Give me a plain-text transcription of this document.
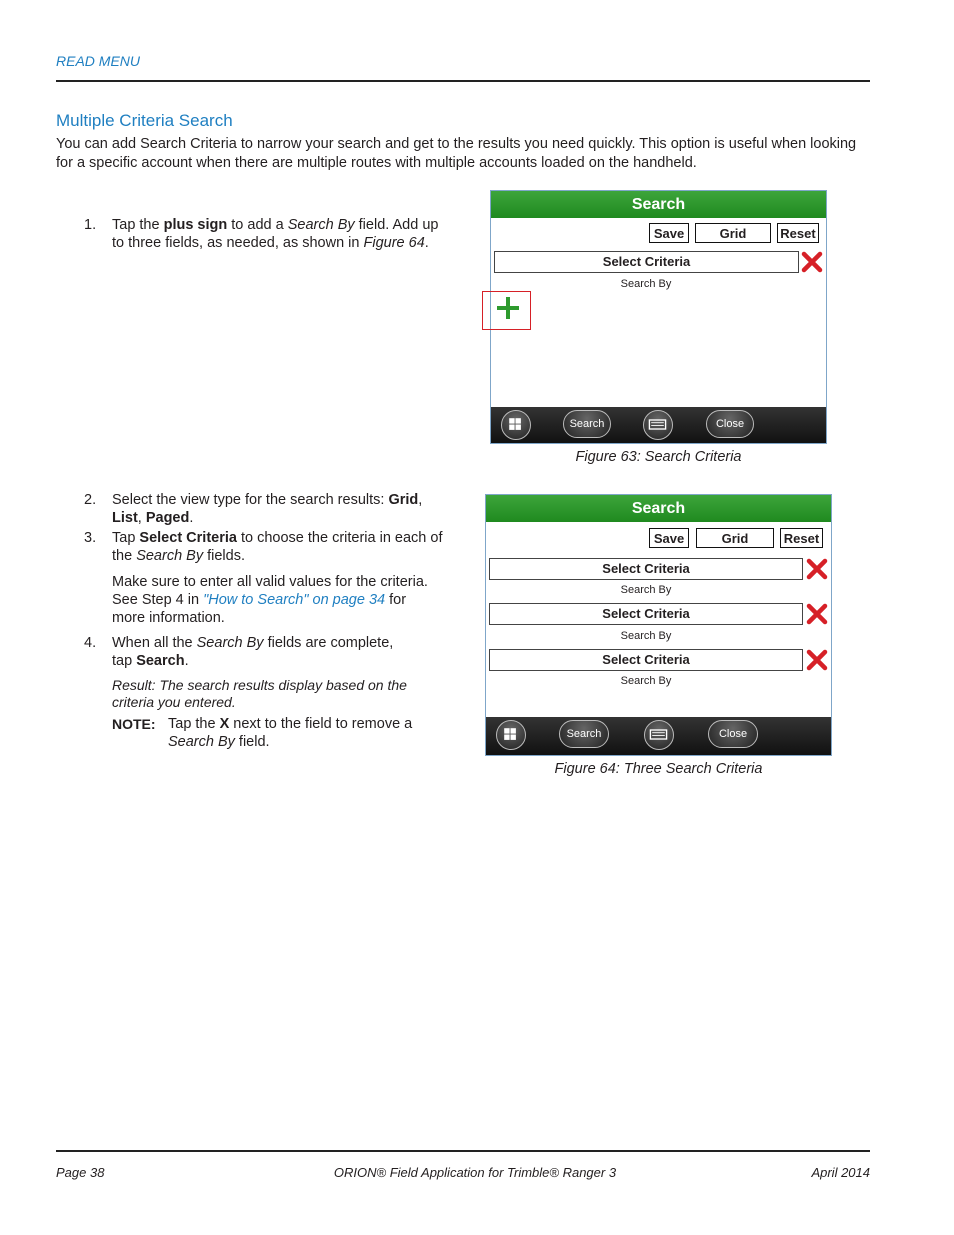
READ MENU
Multiple Criteria Search
You can add Search Criteria to narrow your search and get to the results you need quickly. This option is useful when looking for a specific account when there are multiple routes with multiple accounts loaded on the handheld.
1. Tap the plus sign to add a Search By field. Add up to three fields, as needed, as shown in Figure 64.
Search
Save	Grid	Reset
Select Criteria
Search By
Search	Close
Figure 63: Search Criteria
2. Select the view type for the search results: Grid, List, Paged.
3. Tap Select Criteria to choose the criteria in each of the Search By fields.
Make sure to enter all valid values for the criteria. See Step 4 in "How to Search" on page 34 for more information.
4. When all the Search By fields are complete, tap Search.
Result: The search results display based on the criteria you entered.
NOTE: Tap the X next to the field to remove a Search By field.
Search
Save	Grid	Reset
Select Criteria
Search By
Select Criteria
Search By
Select Criteria
Search By
Search	Close
Figure 64: Three Search Criteria
Page 38	ORION® Field Application for Trimble® Ranger 3	April 2014
